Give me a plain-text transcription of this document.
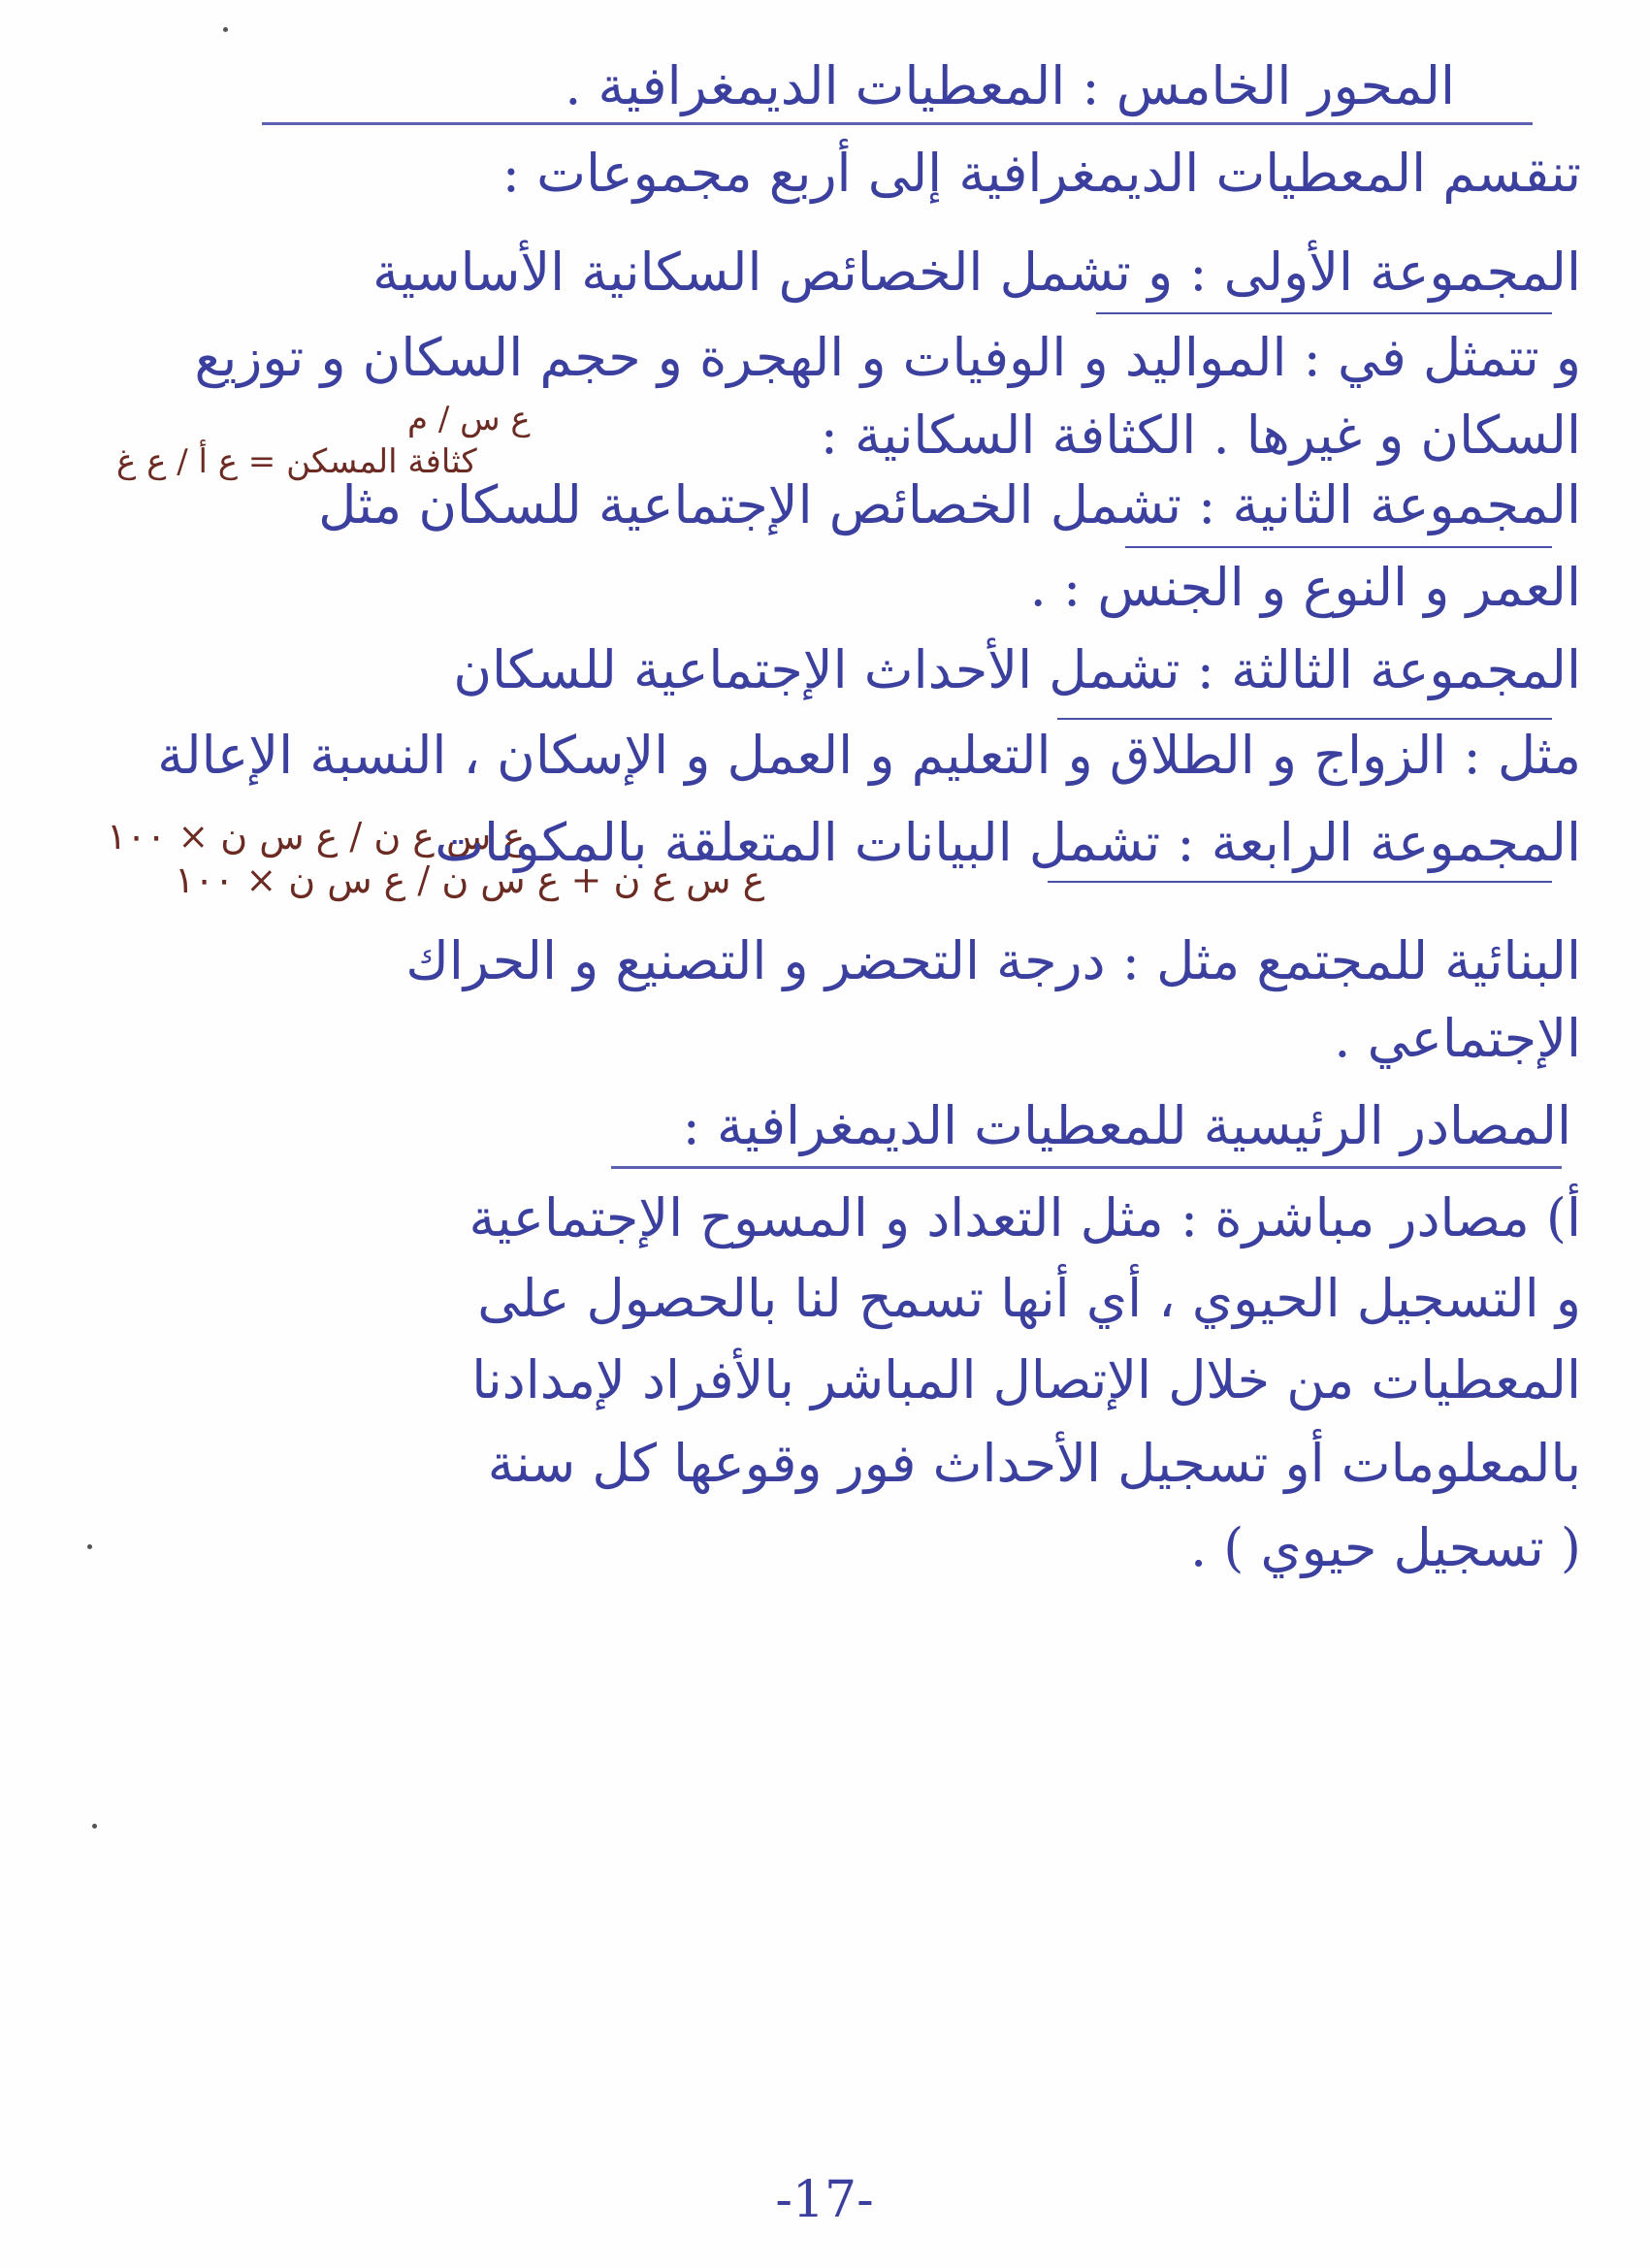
المحور الخامس : المعطيات الديمغرافية .
تنقسم المعطيات الديمغرافية إلى أربع مجموعات :
المجموعة الأولى : و تشمل الخصائص السكانية الأساسية
و تتمثل في : المواليد و الوفيات و الهجرة و حجم السكان و توزيع
السكان و غيرها . الكثافة السكانية :
ع س / م
كثافة المسكن = ع أ / ع غ
المجموعة الثانية : تشمل الخصائص الإجتماعية للسكان مثل
العمر و النوع و الجنس : .
المجموعة الثالثة : تشمل الأحداث الإجتماعية للسكان
مثل : الزواج و الطلاق و التعليم و العمل و الإسكان ، النسبة الإعالة
ع س ع ن / ع س ن × ١٠٠
ع س ع ن + ع س ن / ع س ن × ١٠٠
المجموعة الرابعة : تشمل البيانات المتعلقة بالمكونات
البنائية للمجتمع مثل : درجة التحضر و التصنيع و الحراك
الإجتماعي .
المصادر الرئيسية للمعطيات الديمغرافية :
أ) مصادر مباشرة : مثل التعداد و المسوح الإجتماعية
و التسجيل الحيوي ، أي أنها تسمح لنا بالحصول على
المعطيات من خلال الإتصال المباشر بالأفراد لإمدادنا
بالمعلومات أو تسجيل الأحداث فور وقوعها كل سنة
( تسجيل حيوي ) .
-17-
